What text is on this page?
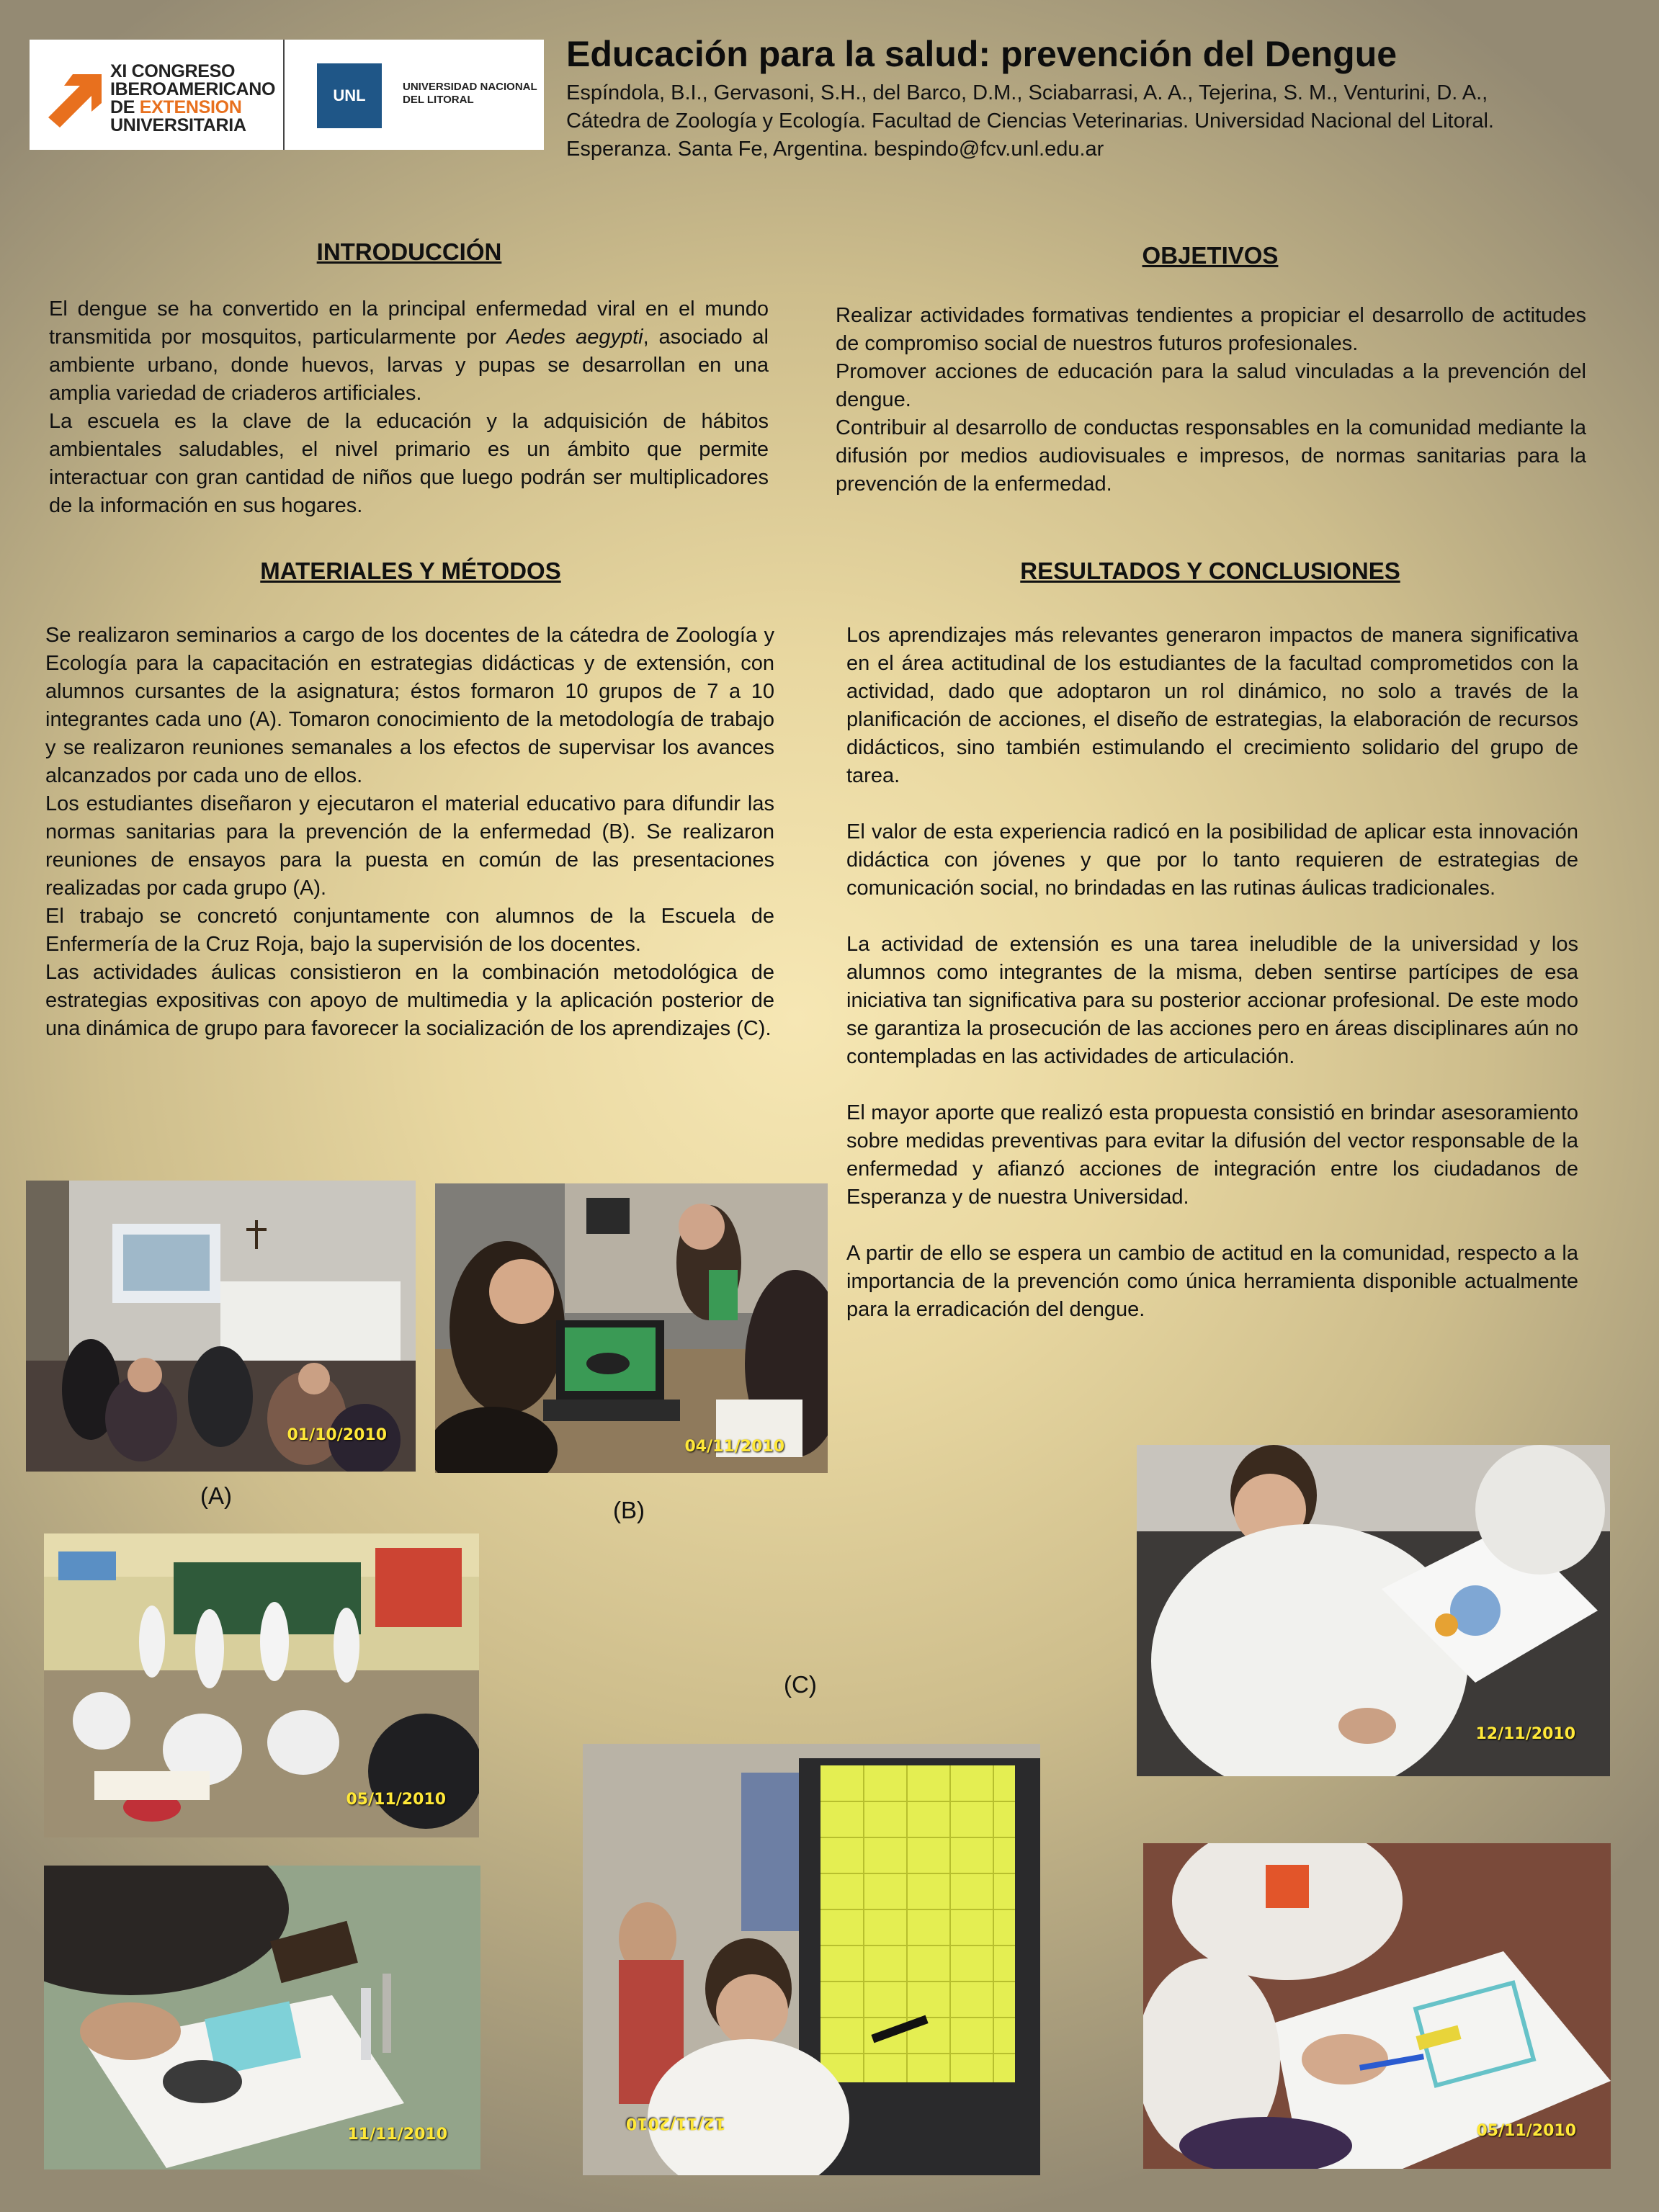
XI CONGRESO
IBEROAMERICANO
DE EXTENSION
UNIVERSITARIA
UNL	UNIVERSIDAD NACIONAL
DEL LITORAL
Educación para la salud: prevención del Dengue
Espíndola, B.I., Gervasoni, S.H., del Barco, D.M., Sciabarrasi, A. A., Tejerina, S. M., Venturini, D. A.,
Cátedra de Zoología y Ecología. Facultad de Ciencias Veterinarias. Universidad Nacional del Litoral.
Esperanza. Santa Fe, Argentina. bespindo@fcv.unl.edu.ar
INTRODUCCIÓN

El dengue se ha convertido en la principal enfermedad viral en el mundo transmitida por mosquitos, particularmente por Aedes aegypti, asociado al ambiente urbano, donde huevos, larvas y pupas se desarrollan en una amplia variedad de criaderos artificiales.

La escuela es la clave de la educación y la adquisición de hábitos ambientales saludables, el nivel primario es un ámbito que permite interactuar con gran cantidad de niños que luego podrán ser multiplicadores de la información en sus hogares.

OBJETIVOS

Realizar actividades formativas tendientes a propiciar el desarrollo de actitudes de compromiso social de nuestros futuros profesionales.

Promover acciones de educación para la salud vinculadas a la prevención del dengue.

Contribuir al desarrollo de conductas responsables en la comunidad mediante la difusión por medios audiovisuales e impresos, de normas sanitarias para la prevención de la enfermedad.

MATERIALES Y MÉTODOS

Se realizaron seminarios a cargo de los docentes de la cátedra de Zoología y Ecología para la capacitación en estrategias didácticas y de extensión, con alumnos cursantes de la asignatura; éstos formaron 10 grupos de 7 a 10 integrantes cada uno (A). Tomaron conocimiento de la metodología de trabajo y se realizaron reuniones semanales a los efectos de supervisar los avances alcanzados por cada uno de ellos.

Los estudiantes diseñaron y ejecutaron el material educativo para difundir las normas sanitarias para la prevención de la enfermedad (B). Se realizaron reuniones de ensayos para la puesta en común de las presentaciones realizadas por cada grupo (A).

El trabajo se concretó conjuntamente con alumnos de la Escuela de Enfermería de la Cruz Roja, bajo la supervisión de los docentes.

Las actividades áulicas consistieron en la combinación metodológica de estrategias expositivas con apoyo de multimedia y la aplicación posterior de una dinámica de grupo para favorecer la socialización de los aprendizajes (C).

RESULTADOS Y CONCLUSIONES

Los aprendizajes más relevantes generaron impactos de manera significativa en el área actitudinal de los estudiantes de la facultad comprometidos con la actividad, dado que adoptaron un rol dinámico, no solo a través de la planificación de acciones, el diseño de estrategias, la elaboración de recursos didácticos, sino también estimulando el crecimiento solidario del grupo de tarea.

El valor de esta experiencia radicó en la posibilidad de aplicar esta innovación didáctica con jóvenes y que por lo tanto requieren de estrategias de comunicación social, no brindadas en las rutinas áulicas tradicionales.

La actividad de extensión es una tarea ineludible de la universidad y los alumnos como integrantes de la misma, deben sentirse partícipes de esa iniciativa tan significativa para su posterior accionar profesional. De este modo se garantiza la prosecución de las acciones pero en áreas disciplinares aún no contempladas en las actividades de articulación.

El mayor aporte que realizó esta propuesta consistió en brindar asesoramiento sobre medidas preventivas para evitar la difusión del vector responsable de la enfermedad y afianzó acciones de integración entre los ciudadanos de Esperanza y de nuestra Universidad.

A partir de ello se espera un cambio de actitud en la comunidad, respecto a la importancia de la prevención como única herramienta disponible actualmente para la erradicación del dengue.

01/10/2010
(A)
04/11/2010
(B)
(C)
05/11/2010
11/11/2010
12/11/2010
12/11/2010
05/11/2010
